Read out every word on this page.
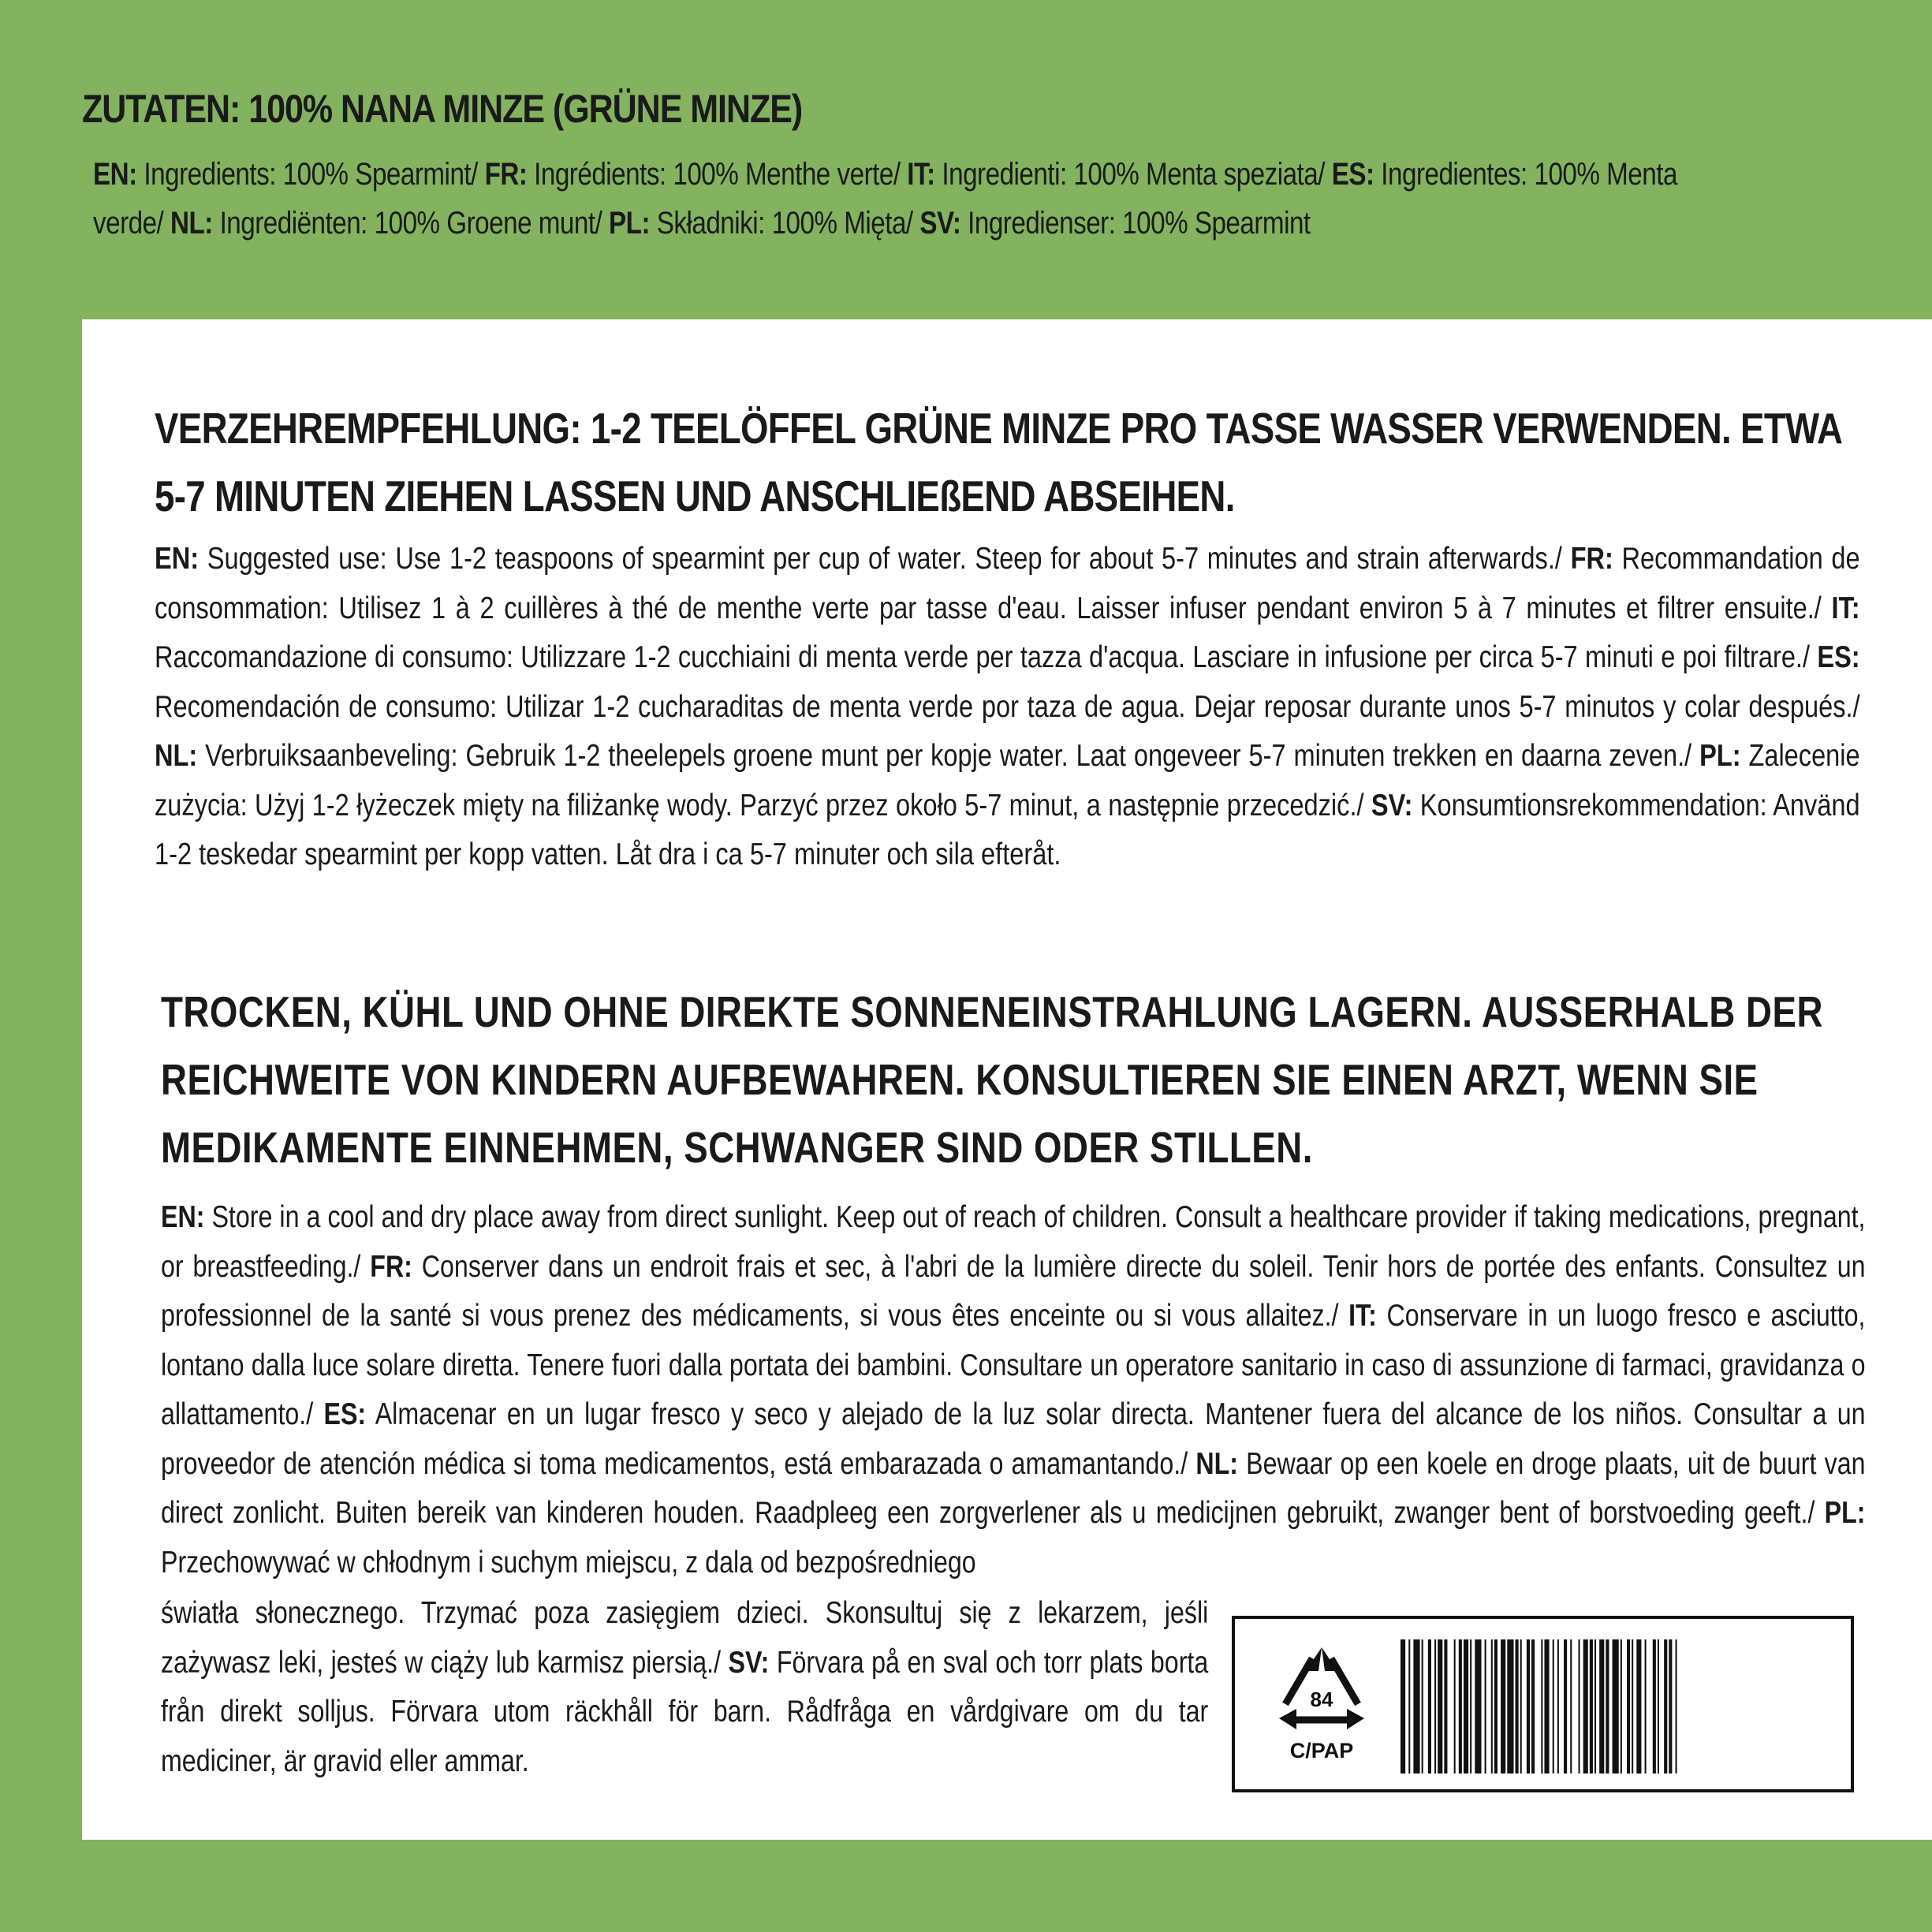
ZUTATEN: 100% NANA MINZE (GRÜNE MINZE)

EN: Ingredients: 100% Spearmint/ FR: Ingrédients: 100% Menthe verte/ IT: Ingredienti: 100% Menta speziata/ ES: Ingredientes: 100% Menta verde/ NL: Ingrediënten: 100% Groene munt/ PL: Składniki: 100% Mięta/ SV: Ingredienser: 100% Spearmint

VERZEHREMPFEHLUNG: 1-2 TEELÖFFEL GRÜNE MINZE PRO TASSE WASSER VERWENDEN. ETWA 5-7 MINUTEN ZIEHEN LASSEN UND ANSCHLIEßEND ABSEIHEN.

EN: Suggested use: Use 1-2 teaspoons of spearmint per cup of water. Steep for about 5-7 minutes and strain afterwards./ FR: Recommandation de consommation: Utilisez 1 à 2 cuillères à thé de menthe verte par tasse d'eau. Laisser infuser pendant environ 5 à 7 minutes et filtrer ensuite./ IT: Raccomandazione di consumo: Utilizzare 1-2 cucchiaini di menta verde per tazza d'acqua. Lasciare in infusione per circa 5-7 minuti e poi filtrare./ ES: Recomendación de consumo: Utilizar 1-2 cucharaditas de menta verde por taza de agua. Dejar reposar durante unos 5-7 minutos y colar después./ NL: Verbruiksaanbeveling: Gebruik 1-2 theelepels groene munt per kopje water. Laat ongeveer 5-7 minuten trekken en daarna zeven./ PL: Zalecenie zużycia: Użyj 1-2 łyżeczek mięty na filiżankę wody. Parzyć przez około 5-7 minut, a następnie przecedzić./ SV: Konsumtionsrekommendation: Använd 1-2 teskedar spearmint per kopp vatten. Låt dra i ca 5-7 minuter och sila efteråt.

TROCKEN, KÜHL UND OHNE DIREKTE SONNENEINSTRAHLUNG LAGERN. AUSSERHALB DER REICHWEITE VON KINDERN AUFBEWAHREN. KONSULTIEREN SIE EINEN ARZT, WENN SIE MEDIKAMENTE EINNEHMEN, SCHWANGER SIND ODER STILLEN.

EN: Store in a cool and dry place away from direct sunlight. Keep out of reach of children. Consult a healthcare provider if taking medications, pregnant, or breastfeeding./ FR: Conserver dans un endroit frais et sec, à l'abri de la lumière directe du soleil. Tenir hors de portée des enfants. Consultez un professionnel de la santé si vous prenez des médicaments, si vous êtes enceinte ou si vous allaitez./ IT: Conservare in un luogo fresco e asciutto, lontano dalla luce solare diretta. Tenere fuori dalla portata dei bambini. Consultare un operatore sanitario in caso di assunzione di farmaci, gravidanza o allattamento./ ES: Almacenar en un lugar fresco y seco y alejado de la luz solar directa. Mantener fuera del alcance de los niños. Consultar a un proveedor de atención médica si toma medicamentos, está embarazada o amamantando./ NL: Bewaar op een koele en droge plaats, uit de buurt van direct zonlicht. Buiten bereik van kinderen houden. Raadpleeg een zorgverlener als u medicijnen gebruikt, zwanger bent of borstvoeding geeft./ PL: Przechowywać w chłodnym i suchym miejscu, z dala od bezpośredniego

światła słonecznego. Trzymać poza zasięgiem dzieci. Skonsultuj się z lekarzem, jeśli zażywasz leki, jesteś w ciąży lub karmisz piersią./ SV: Förvara på en sval och torr plats borta från direkt solljus. Förvara utom räckhåll för barn. Rådfråga en vårdgivare om du tar mediciner, är gravid eller ammar.

84
C/PAP
